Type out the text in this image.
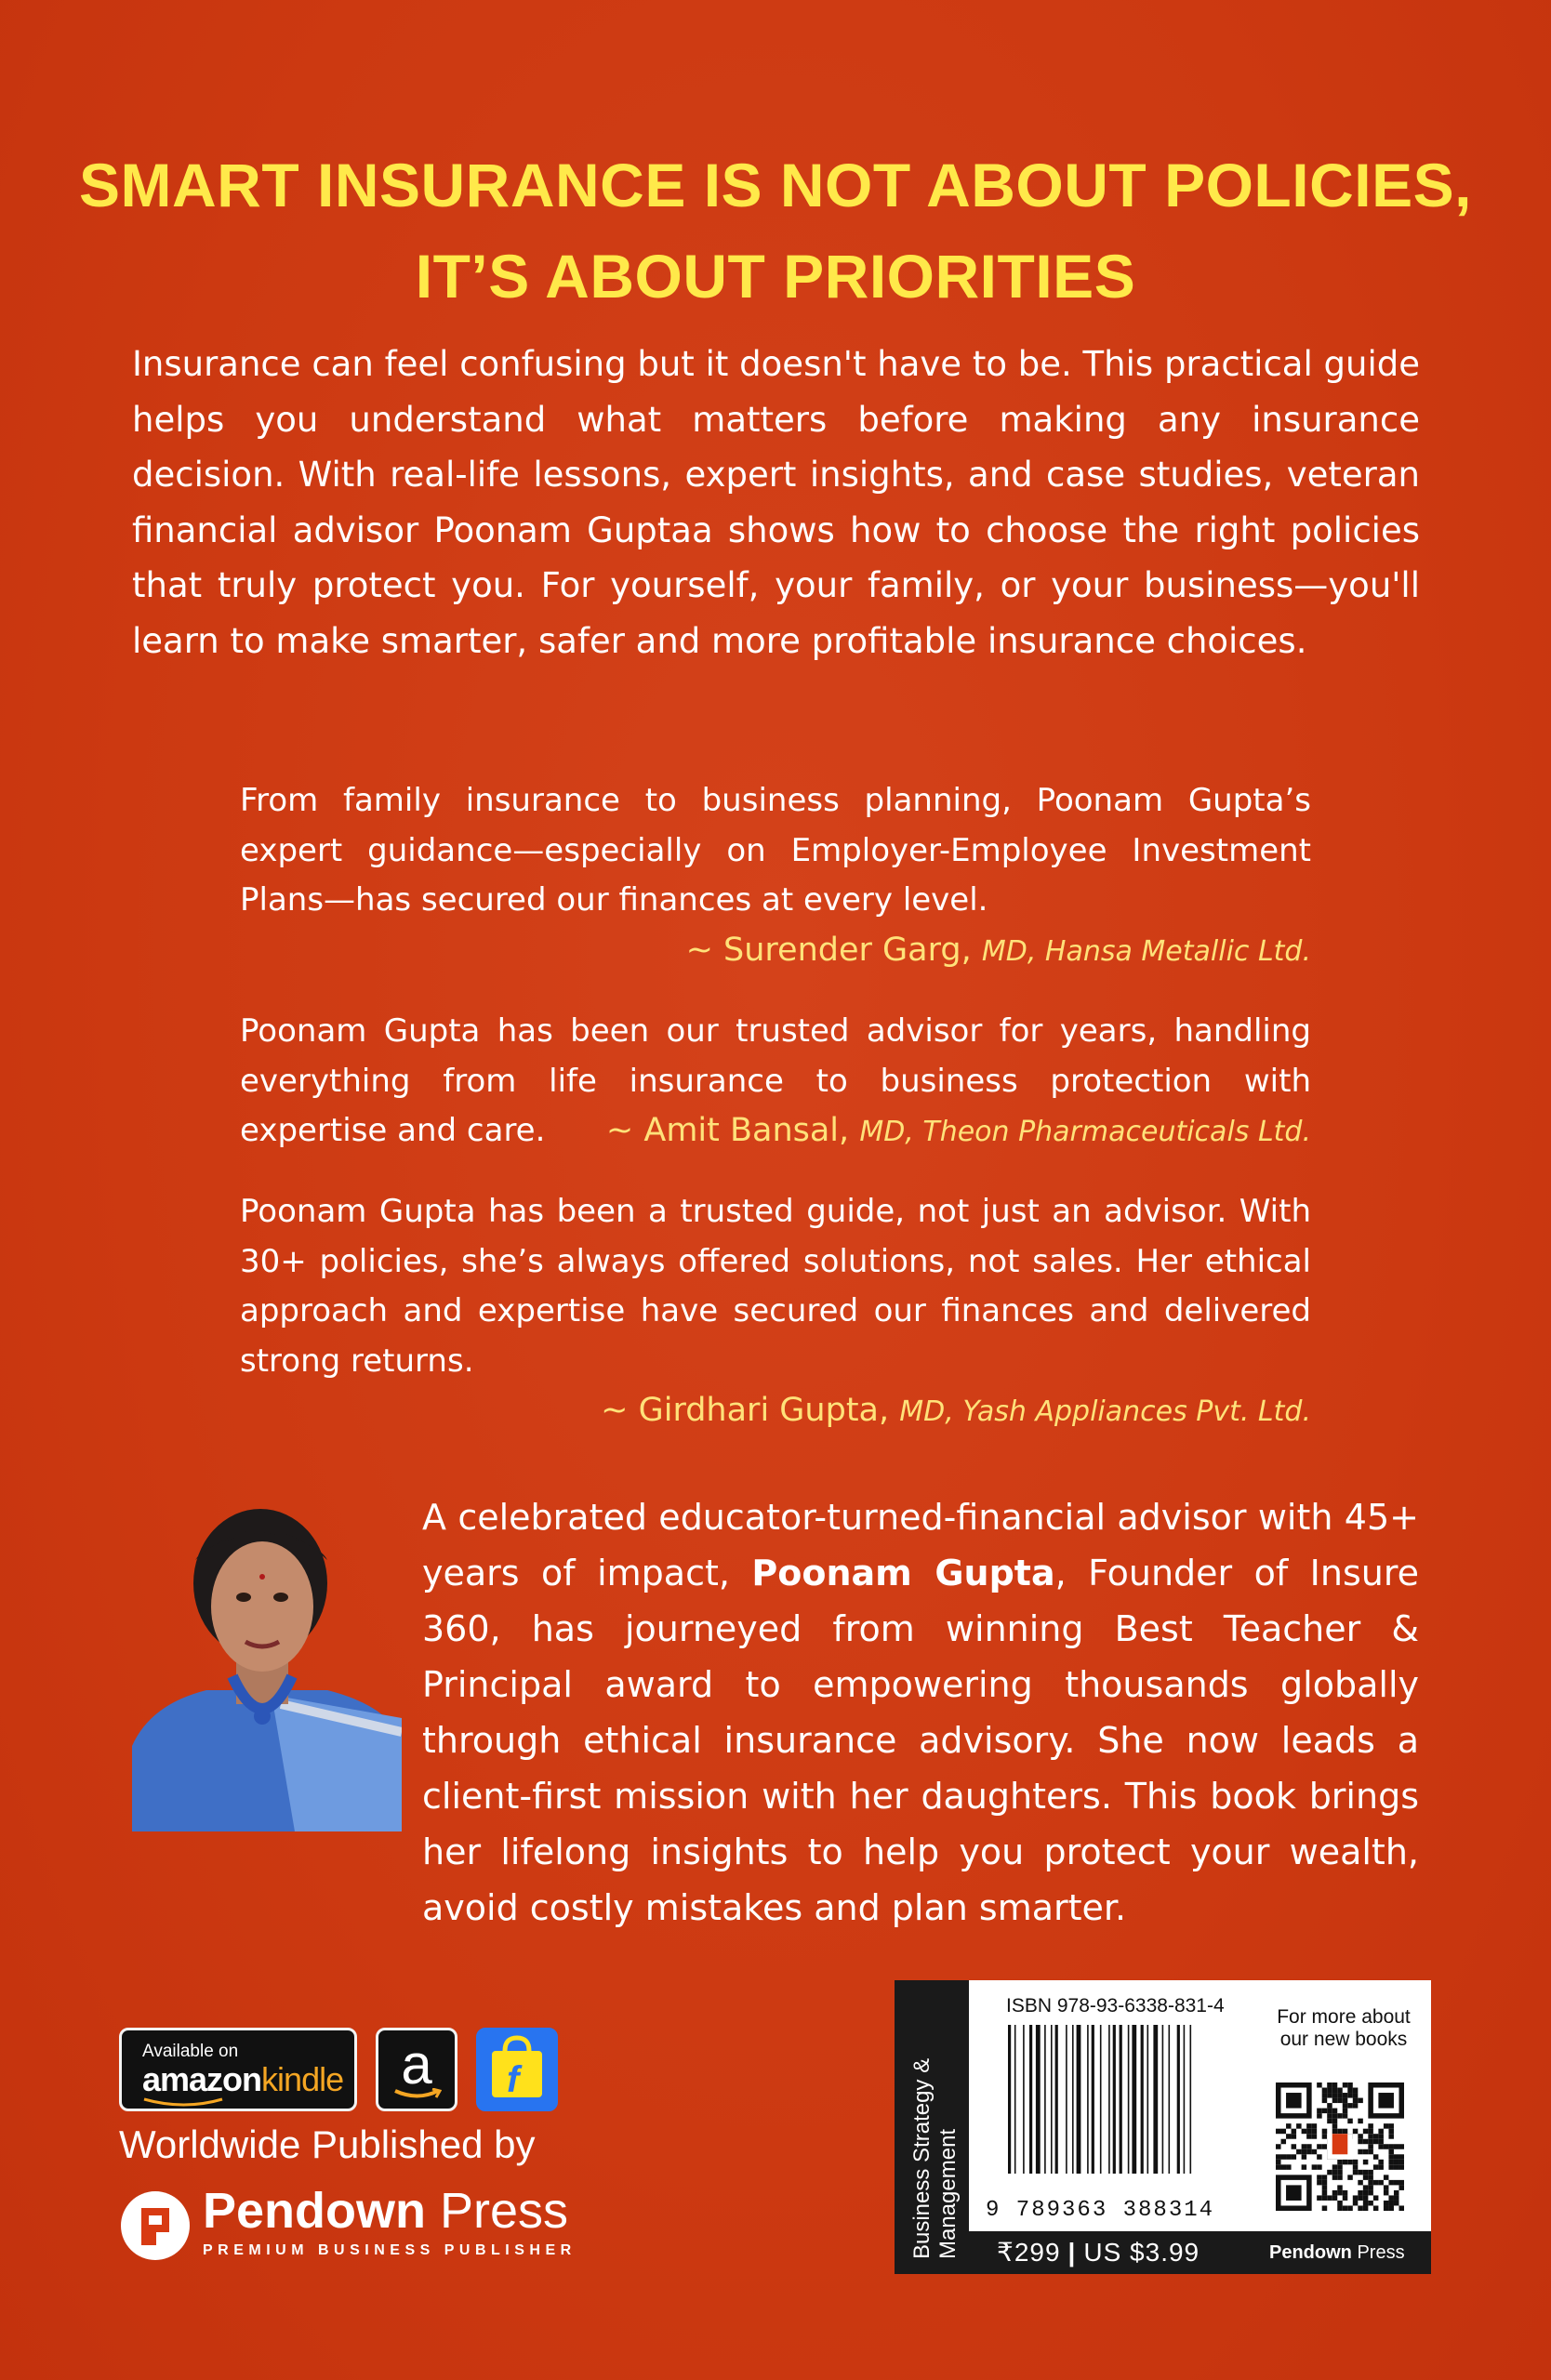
SMART INSURANCE IS NOT ABOUT POLICIES,
IT’S ABOUT PRIORITIES
Insurance can feel confusing but it doesn't have to be. This practical guide helps you understand what matters before making any insurance decision. With real-life lessons, expert insights, and case studies, veteran financial advisor Poonam Guptaa shows how to choose the right policies that truly protect you. For yourself, your family, or your business—you'll learn to make smarter, safer and more profitable insurance choices.
From family insurance to business planning, Poonam Gupta’s expert guidance—especially on Employer-Employee Investment Plans—has secured our finances at every level.
~ Surender Garg, MD, Hansa Metallic Ltd.
Poonam Gupta has been our trusted advisor for years, handling everything from life insurance to business protection with expertise and care. ~ Amit Bansal, MD, Theon Pharmaceuticals Ltd.
Poonam Gupta has been a trusted guide, not just an advisor. With 30+ policies, she’s always offered solutions, not sales. Her ethical approach and expertise have secured our finances and delivered strong returns.
~ Girdhari Gupta, MD, Yash Appliances Pvt. Ltd.
A celebrated educator-turned-financial advisor with 45+ years of impact, Poonam Gupta, Founder of Insure 360, has journeyed from winning Best Teacher & Principal award to empowering thousands globally through ethical insurance advisory. She now leads a client-first mission with her daughters. This book brings her lifelong insights to help you protect your wealth, avoid costly mistakes and plan smarter.
Available on
amazonkindle	a	f
Worldwide Published by
Pendown Press
PREMIUM BUSINESS PUBLISHER	Business Strategy & Management
ISBN 978-93-6338-831-4
9 789363 388314
For more about our new books
₹299 | US $3.99	Pendown Press
